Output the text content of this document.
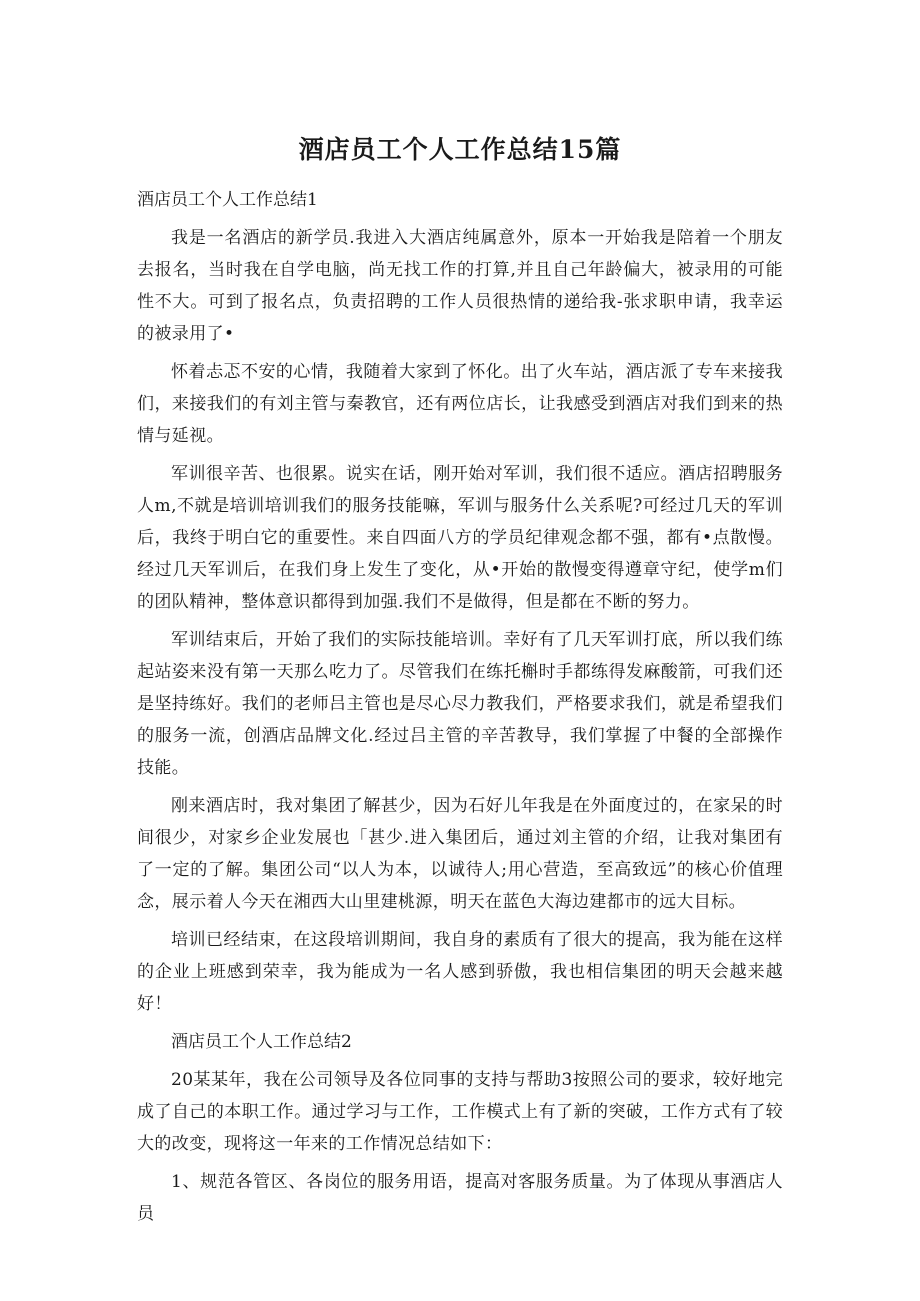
酒店员工个人工作总结15篇
酒店员工个人工作总结1

我是一名酒店的新学员.我进入大酒店纯属意外，原本一开始我是陪着一个朋友去报名，当时我在自学电脑，尚无找工作的打算,并且自己年龄偏大，被录用的可能性不大。可到了报名点，负责招聘的工作人员很热情的递给我-张求职申请，我幸运的被录用了•

怀着忐忑不安的心情，我随着大家到了怀化。出了火车站，酒店派了专车来接我们，来接我们的有刘主管与秦教官，还有两位店长，让我感受到酒店对我们到来的热情与延视。

军训很辛苦、也很累。说实在话，刚开始对军训，我们很不适应。酒店招聘服务人m,不就是培训培训我们的服务技能嘛，军训与服务什么关系呢?可经过几天的军训后，我终于明白它的重要性。来自四面八方的学员纪律观念都不强，都有•点散慢。经过几天军训后，在我们身上发生了变化，从•开始的散慢变得遵章守纪，使学m们的团队精神，整体意识都得到加强.我们不是做得，但是都在不断的努力。

军训结束后，开始了我们的实际技能培训。幸好有了几天军训打底，所以我们练起站姿来没有第一天那么吃力了。尽管我们在练托槲时手都练得发麻酸箭，可我们还是坚持练好。我们的老师吕主管也是尽心尽力教我们，严格要求我们，就是希望我们的服务一流，创酒店品牌文化.经过吕主管的辛苦教导，我们掌握了中餐的全部操作技能。

刚来酒店时，我对集团了解甚少，因为石好儿年我是在外面度过的，在家呆的时间很少，对家乡企业发展也「甚少.进入集团后，通过刘主管的介绍，让我对集团有了一定的了解。集团公司“以人为本，以诚待人;用心营造，至高致远”的核心价值理念，展示着人今天在湘西大山里建桃源，明天在蓝色大海边建都市的远大目标。

培训已经结束，在这段培训期间，我自身的素质有了很大的提高，我为能在这样的企业上班感到荣幸，我为能成为一名人感到骄傲，我也相信集团的明天会越来越好！

酒店员工个人工作总结2

20某某年，我在公司领导及各位同事的支持与帮助3按照公司的要求，较好地完成了自己的本职工作。通过学习与工作，工作模式上有了新的突破，工作方式有了较大的改变，现将这一年来的工作情况总结如下：

1、规范各管区、各岗位的服务用语，提高对客服务质量。为了体现从事酒店人员
